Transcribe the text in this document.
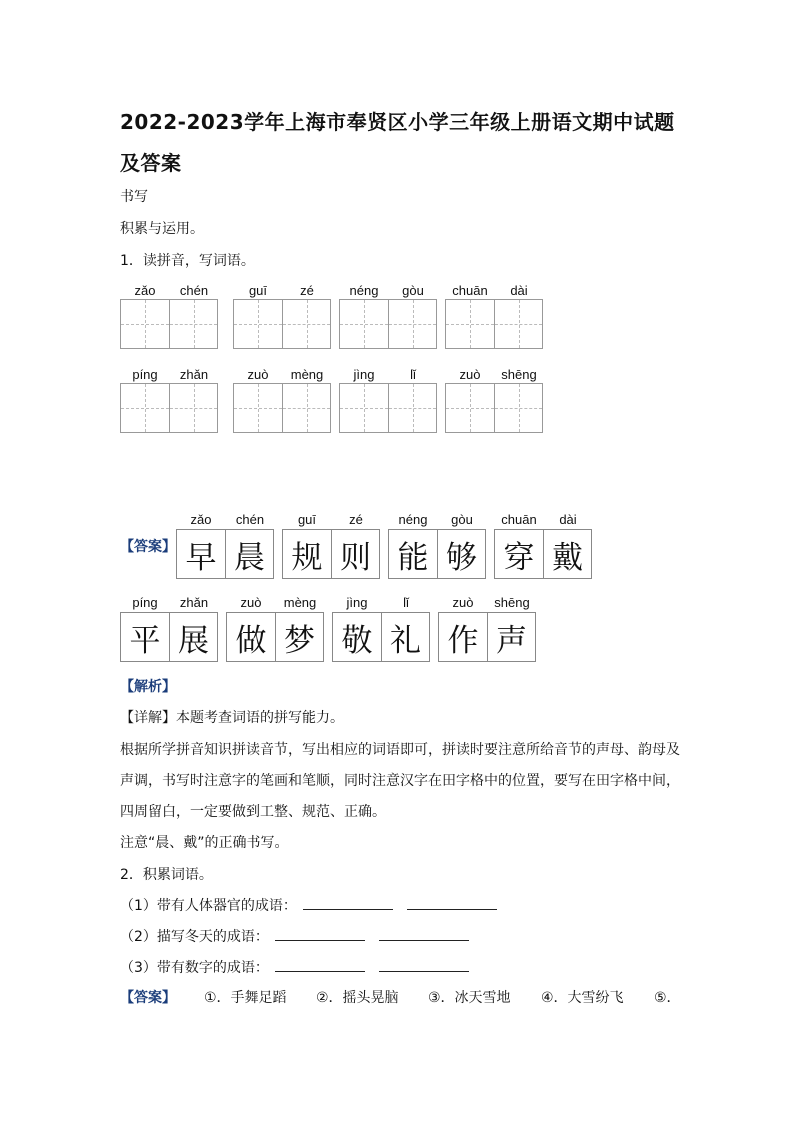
2022-2023学年上海市奉贤区小学三年级上册语文期中试题
及答案
书写
积累与运用。
1．读拼音，写词语。
zǎo	chén	guī	zé	néng	gòu	chuān	dài
píng	zhǎn	zuò	mèng	jìng	lǐ	zuò	shēng
【答案】
zǎo	chén
早 晨
guī	zé
规 则
néng	gòu
能 够
chuān	dài
穿 戴
píng	zhǎn
平 展
zuò	mèng
做 梦
jìng	lǐ
敬 礼
zuò	shēng
作 声
【解析】
【详解】本题考查词语的拼写能力。
根据所学拼音知识拼读音节，写出相应的词语即可，拼读时要注意所给音节的声母、韵母及
声调，书写时注意字的笔画和笔顺，同时注意汉字在田字格中的位置，要写在田字格中间，
四周留白，一定要做到工整、规范、正确。
注意“晨、戴”的正确书写。
2．积累词语。
（1）带有人体器官的成语：
（2）描写冬天的成语：
（3）带有数字的成语：
【答案】 ①．手舞足蹈 ②．摇头晃脑 ③．冰天雪地 ④．大雪纷飞 ⑤．
